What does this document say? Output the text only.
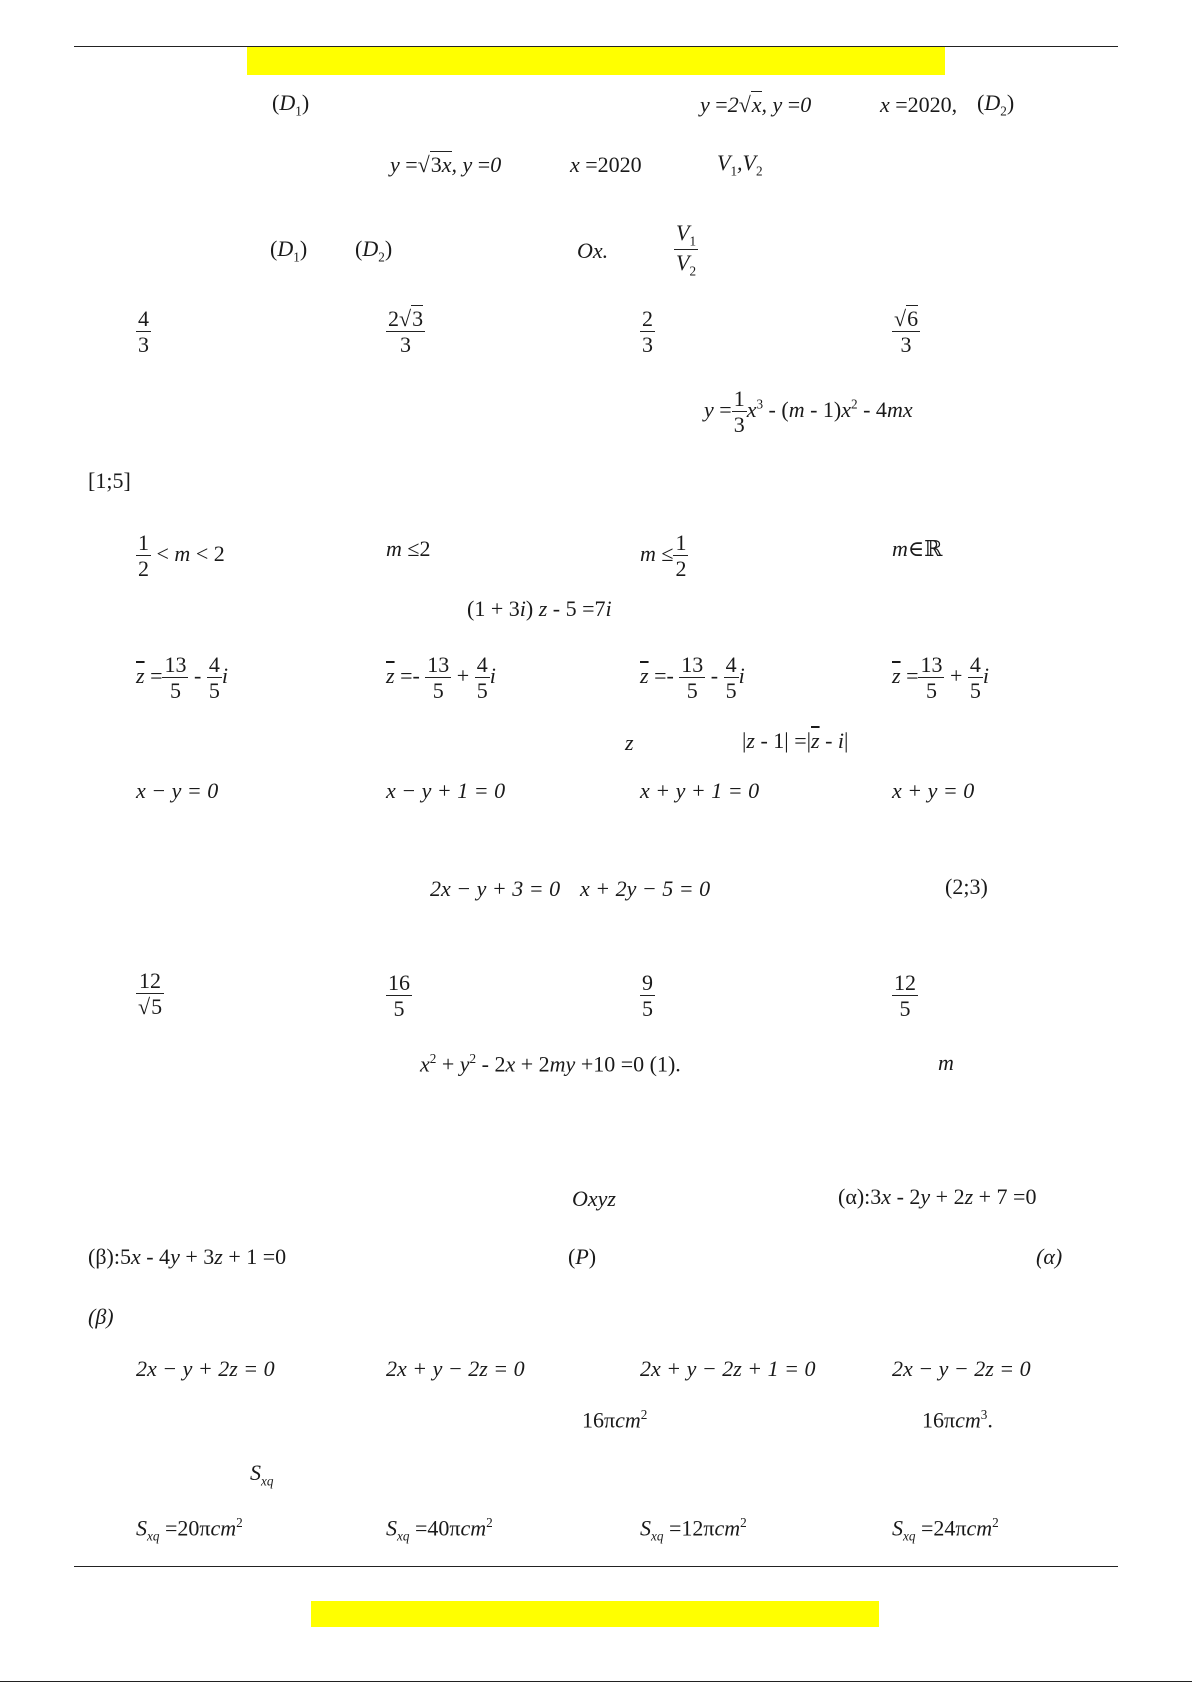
$(D_1)$	y =2√x, y =0	x =2020, $(D_2)$
y =√3x, y =0	x =2020	$V_1,V_2$
$(D_1)$ $(D_2)$	Ox.	$\frac{V_1}{V_2}$
$\frac{4}{3}$	$\frac{2√3}{3}$	$\frac{2}{3}$	$\frac{√6}{3}$
$y = \frac{1}{3} x^3 - (m - 1)x^2 - 4mx$
[1;5]
$\frac{1}{2} < m < 2$	m ≤2	$m \le \frac{1}{2}$	m∈ℝ
(1 + 3i) z - 5 =7i
$\overline{z} = \frac{13}{5} - \frac{4}{5}$ i	$\overline{z} =- \frac{13}{5} + \frac{4}{5}$ i	$\overline{z} =- \frac{13}{5} - \frac{4}{5}$ i	$\overline{z} = \frac{13}{5} + \frac{4}{5}$ i
z	$|z - 1| =|\overline{z} - i|$
x − y = 0	x − y + 1 = 0	x + y + 1 = 0	x + y = 0
2x − y + 3 = 0 x + 2y − 5 = 0	(2;3)
$\frac{12}{√5}$	$\frac{16}{5}$	$\frac{9}{5}$	$\frac{12}{5}$
$x^2 + y^2 - 2x + 2my +10 =0$ (1).	m
Oxyz	(α):3x - 2y + 2z + 7 =0
(β):5x - 4y + 3z + 1 =0	(P)	(α)
(β)
2x − y + 2z = 0	2x + y − 2z = 0	2x + y − 2z + 1 = 0	2x − y − 2z = 0
16πcm$^2$	16πcm$^3$.
$S_{xq}$
$S_{xq} =20\pi cm^2$	$S_{xq} =40\pi cm^2$	$S_{xq} =12\pi cm^2$	$S_{xq} =24\pi cm^2$
